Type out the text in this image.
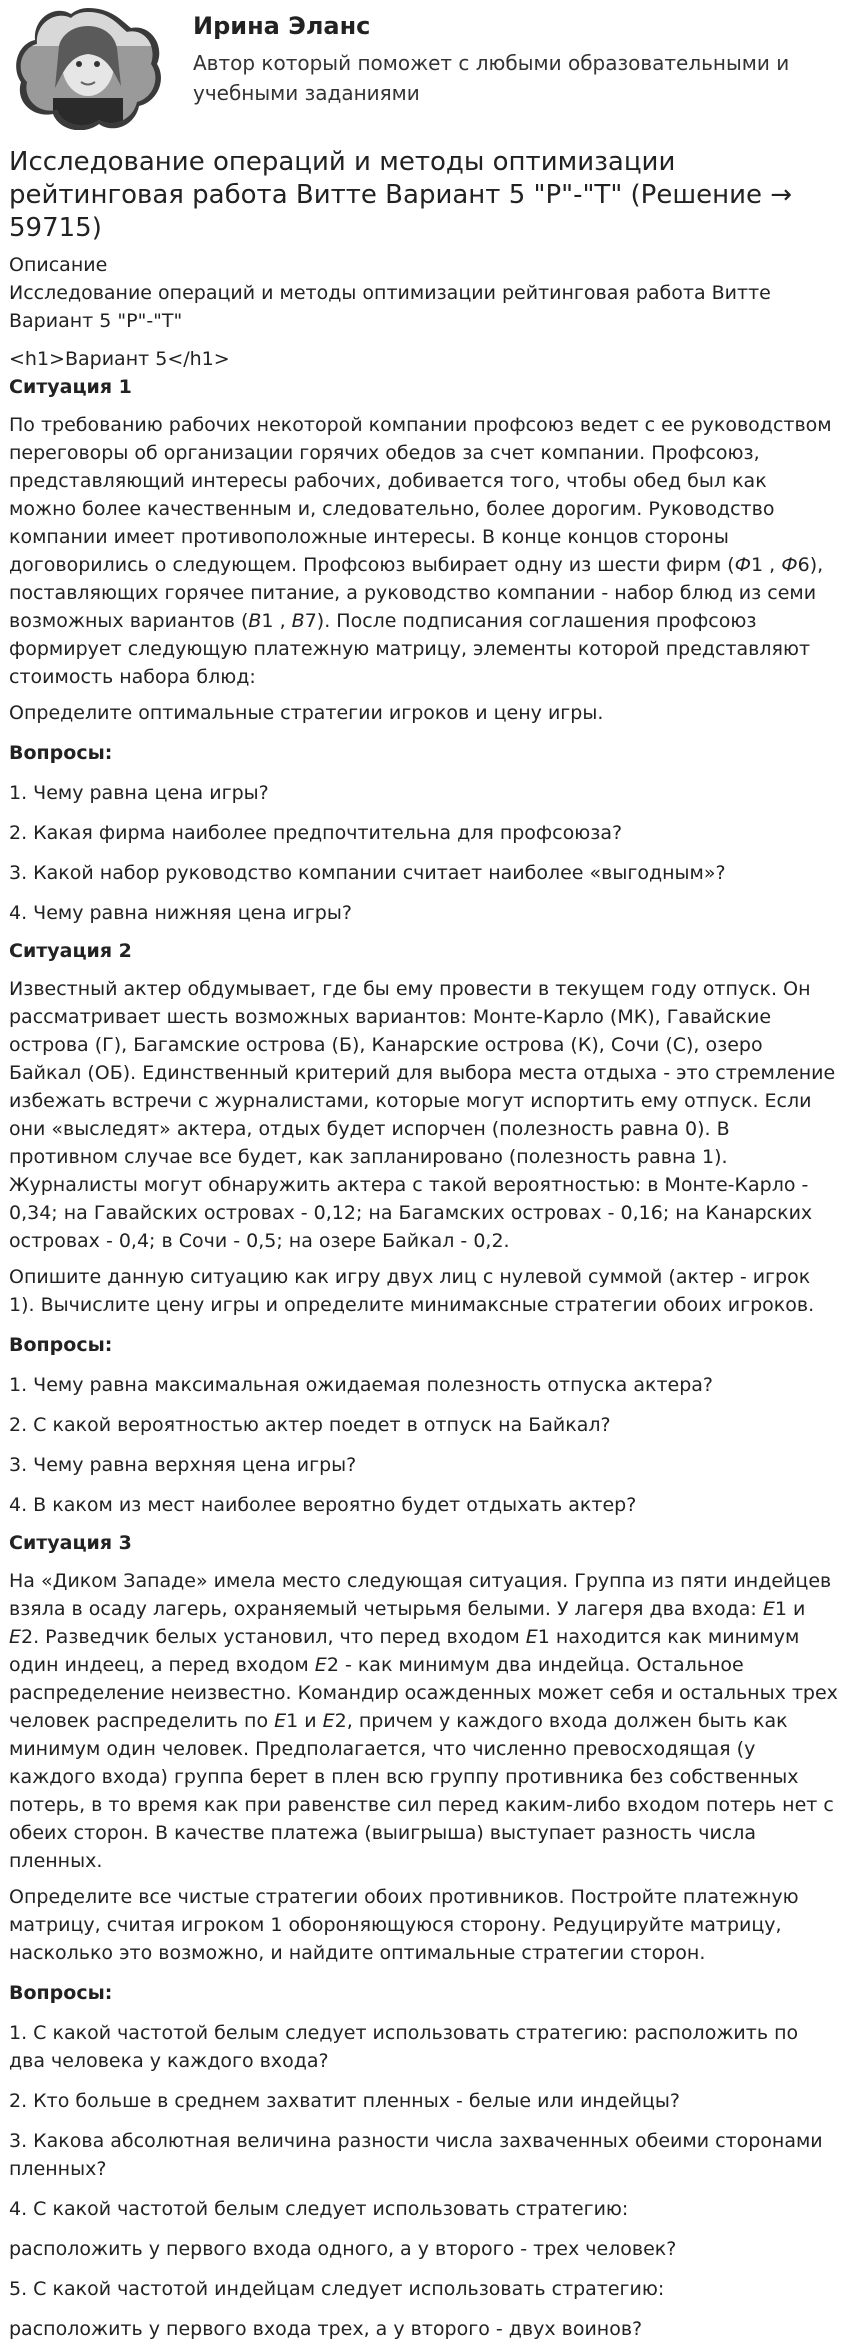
Ирина Эланс
Автор который поможет с любыми образовательными и учебными заданиями
Исследование операций и методы оптимизации рейтинговая работа Витте Вариант 5 "Р"-"Т" (Решение → 59715)
Описание
Исследование операций и методы оптимизации рейтинговая работа Витте Вариант 5 "Р"-"Т"
<h1>Вариант 5</h1>
Ситуация 1

По требованию рабочих некоторой компании профсоюз ведет с ее руководством переговоры об организации горячих обедов за счет компании. Профсоюз, представляющий интересы рабочих, добивается того, чтобы обед был как можно более качественным и, следовательно, более дорогим. Руководство компании имеет противоположные интересы. В конце концов стороны договорились о следующем. Профсоюз выбирает одну из шести фирм (Ф1 , Ф6), поставляющих горячее питание, а руководство компании - набор блюд из семи возможных вариантов (B1 , B7). После подписания соглашения профсоюз формирует следующую платежную матрицу, элементы которой представляют стоимость набора блюд:

Определите оптимальные стратегии игроков и цену игры.

Вопросы:

1. Чему равна цена игры?

2. Какая фирма наиболее предпочтительна для профсоюза?

3. Какой набор руководство компании считает наиболее «выгодным»?

4. Чему равна нижняя цена игры?

Ситуация 2

Известный актер обдумывает, где бы ему провести в текущем году отпуск. Он рассматривает шесть возможных вариантов: Монте-Карло (МК), Гавайские острова (Г), Багамские острова (Б), Канарские острова (К), Сочи (С), озеро Байкал (ОБ). Единственный критерий для выбора места отдыха - это стремление избежать встречи с журналистами, которые могут испортить ему отпуск. Если они «выследят» актера, отдых будет испорчен (полезность равна 0). В противном случае все будет, как запланировано (полезность равна 1). Журналисты могут обнаружить актера с такой вероятностью: в Монте-Карло - 0,34; на Гавайских островах - 0,12; на Багамских островах - 0,16; на Канарских островах - 0,4; в Сочи - 0,5; на озере Байкал - 0,2.

Опишите данную ситуацию как игру двух лиц с нулевой суммой (актер - игрок 1). Вычислите цену игры и определите минимаксные стратегии обоих игроков.

Вопросы:

1. Чему равна максимальная ожидаемая полезность отпуска актера?

2. С какой вероятностью актер поедет в отпуск на Байкал?

3. Чему равна верхняя цена игры?

4. В каком из мест наиболее вероятно будет отдыхать актер?

Ситуация 3

На «Диком Западе» имела место следующая ситуация. Группа из пяти индейцев взяла в осаду лагерь, охраняемый четырьмя белыми. У лагеря два входа: E1 и E2. Разведчик белых установил, что перед входом E1 находится как минимум один индеец, а перед входом E2 - как минимум два индейца. Остальное распределение неизвестно. Командир осажденных может себя и остальных трех человек распределить по E1 и E2, причем у каждого входа должен быть как минимум один человек. Предполагается, что численно превосходящая (у каждого входа) группа берет в плен всю группу противника без собственных потерь, в то время как при равенстве сил перед каким-либо входом потерь нет с обеих сторон. В качестве платежа (выигрыша) выступает разность числа пленных.

Определите все чистые стратегии обоих противников. Постройте платежную матрицу, считая игроком 1 обороняющуюся сторону. Редуцируйте матрицу, насколько это возможно, и найдите оптимальные стратегии сторон.

Вопросы:

1. С какой частотой белым следует использовать стратегию: расположить по два человека у каждого входа?

2. Кто больше в среднем захватит пленных - белые или индейцы?

3. Какова абсолютная величина разности числа захваченных обеими сторонами пленных?

4. С какой частотой белым следует использовать стратегию:

расположить у первого входа одного, а у второго - трех человек?

5. С какой частотой индейцам следует использовать стратегию:

расположить у первого входа трех, а у второго - двух воинов?
